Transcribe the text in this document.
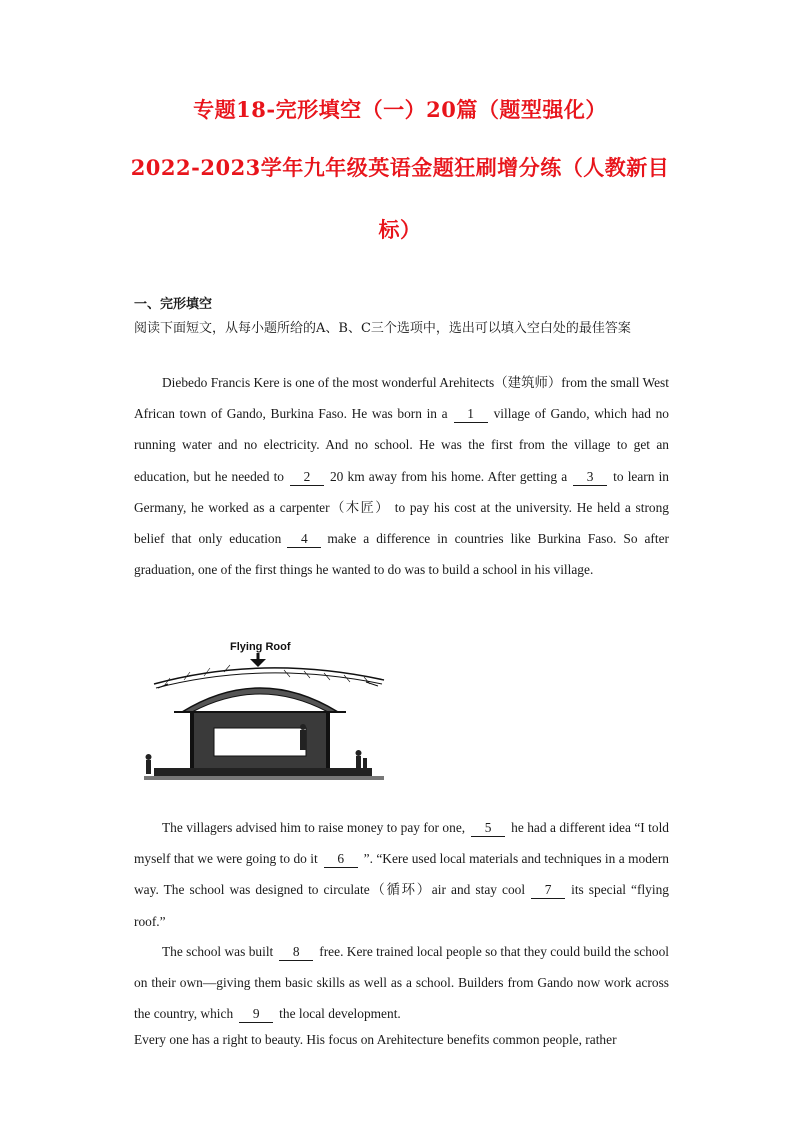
专题18-完形填空（一）20篇（题型强化）
2022-2023学年九年级英语金题狂刷增分练（人教新目
标）
一、完形填空
阅读下面短文，从每小题所给的A、B、C三个选项中，选出可以填入空白处的最佳答案
Diebedo Francis Kere is one of the most wonderful Arehitects（建筑师）from the small West African town of Gando, Burkina Faso. He was born in a 1 village of Gando, which had no running water and no electricity. And no school. He was the first from the village to get an education, but he needed to 2 20 km away from his home. After getting a 3 to learn in Germany, he worked as a carpenter（木匠） to pay his cost at the university. He held a strong belief that only education 4 make a difference in countries like Burkina Faso. So after graduation, one of the first things he wanted to do was to build a school in his village.
Flying Roof
The villagers advised him to raise money to pay for one, 5 he had a different idea “I told myself that we were going to do it 6 ”. “Kere used local materials and techniques in a modern way. The school was designed to circulate（循环）air and stay cool 7 its special “flying roof.”
The school was built 8 free. Kere trained local people so that they could build the school on their own—giving them basic skills as well as a school. Builders from Gando now work across the country, which 9 the local development.
Every one has a right to beauty. His focus on Arehitecture benefits common people, rather
